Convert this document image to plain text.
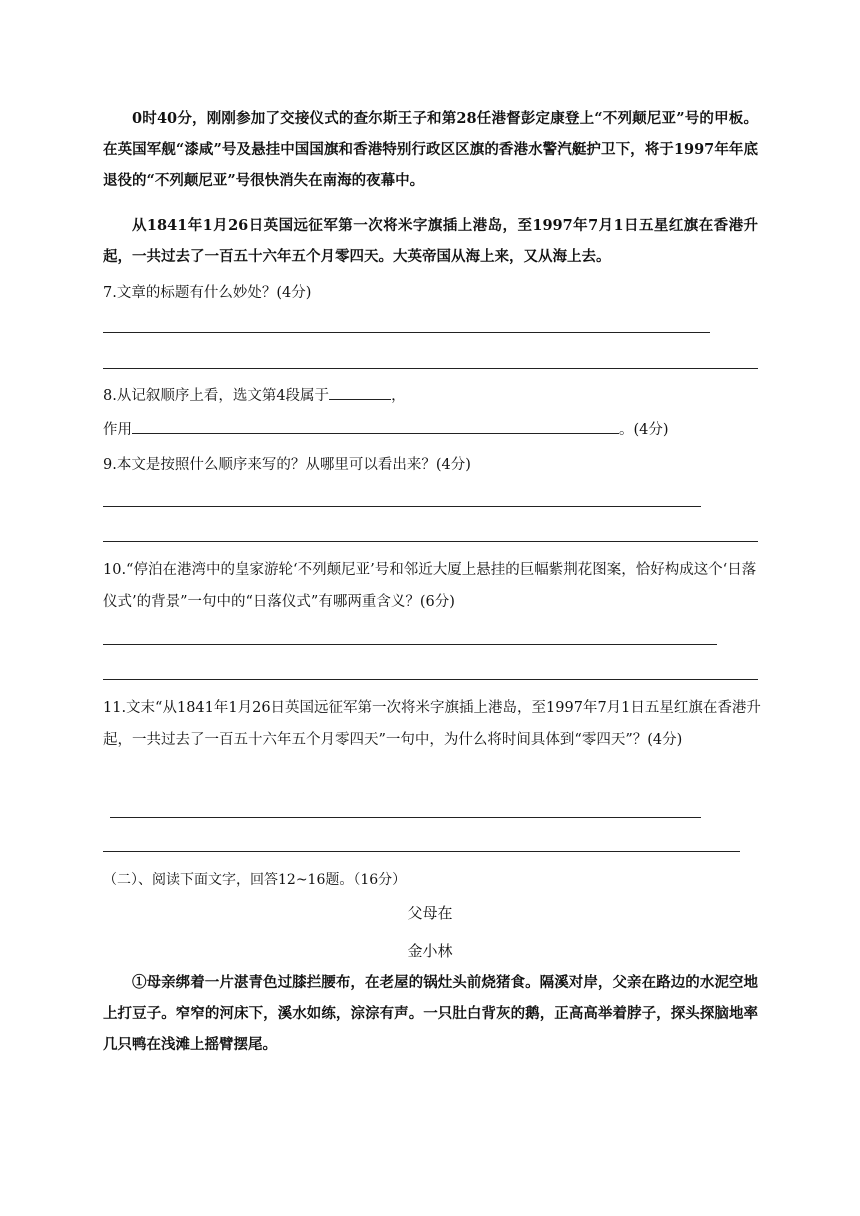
0时40分，刚刚参加了交接仪式的查尔斯王子和第28任港督彭定康登上“不列颠尼亚”号的甲板。在英国军舰“漆咸”号及悬挂中国国旗和香港特别行政区区旗的香港水警汽艇护卫下，将于1997年年底退役的“不列颠尼亚”号很快消失在南海的夜幕中。

从1841年1月26日英国远征军第一次将米字旗插上港岛，至1997年7月1日五星红旗在香港升起，一共过去了一百五十六年五个月零四天。大英帝国从海上来，又从海上去。

7.文章的标题有什么妙处？(4分)

8.从记叙顺序上看，选文第4段属于	，

作用	。(4分)

9.本文是按照什么顺序来写的？从哪里可以看出来？(4分)

10.“停泊在港湾中的皇家游轮‘不列颠尼亚’号和邻近大厦上悬挂的巨幅紫荆花图案，恰好构成这个‘日落仪式’的背景”一句中的“日落仪式”有哪两重含义？(6分)

11.文末“从1841年1月26日英国远征军第一次将米字旗插上港岛，至1997年7月1日五星红旗在香港升起，一共过去了一百五十六年五个月零四天”一句中，为什么将时间具体到“零四天”？(4分)

（二）、阅读下面文字，回答12~16题。（16分）

父母在

金小林

①母亲绑着一片湛青色过膝拦腰布，在老屋的锅灶头前烧猪食。隔溪对岸，父亲在路边的水泥空地上打豆子。窄窄的河床下，溪水如练，淙淙有声。一只肚白背灰的鹅，正高高举着脖子，探头探脑地率几只鸭在浅滩上摇臂摆尾。
